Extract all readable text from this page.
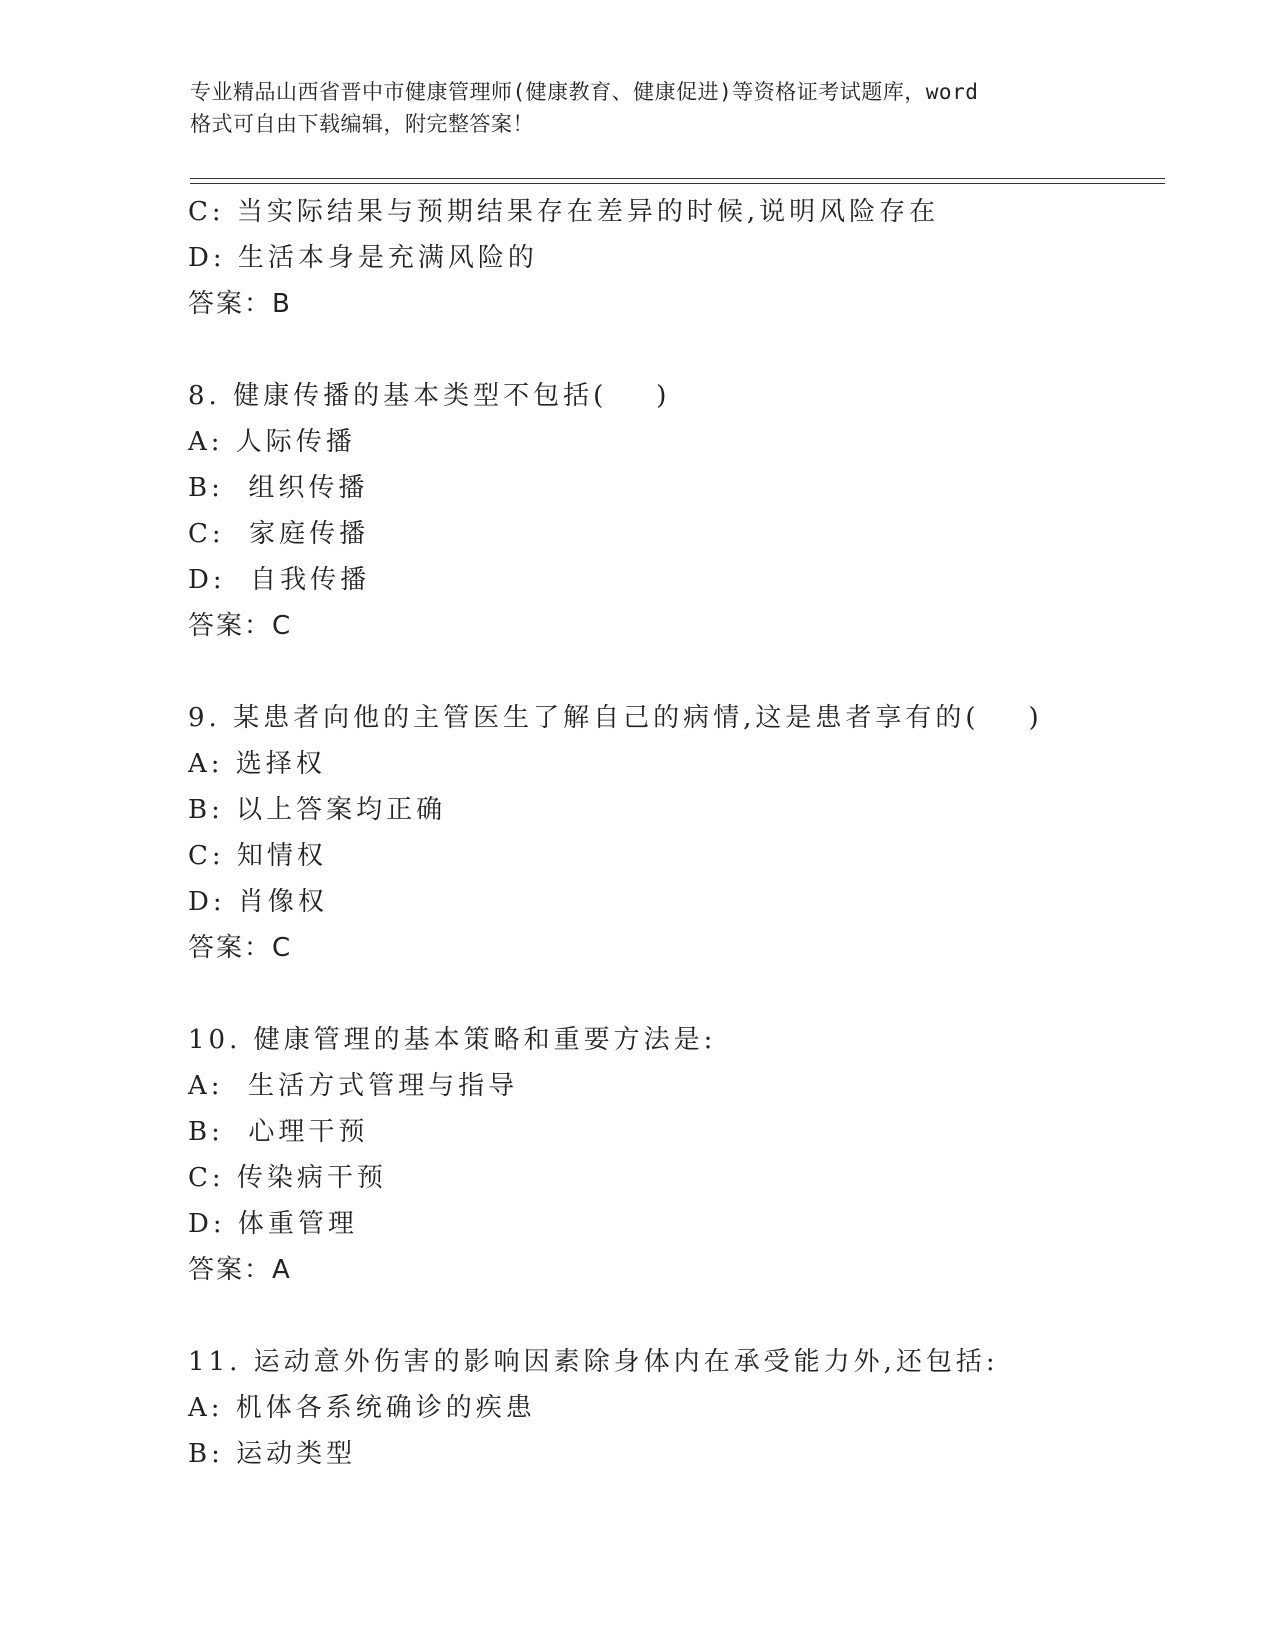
专业精品山西省晋中市健康管理师(健康教育、健康促进)等资格证考试题库，word
格式可自由下载编辑，附完整答案！
C: 当实际结果与预期结果存在差异的时候,说明风险存在
D: 生活本身是充满风险的
答案：B
8. 健康传播的基本类型不包括(    )
A: 人际传播
B:  组织传播
C:  家庭传播
D:  自我传播
答案：C
9. 某患者向他的主管医生了解自己的病情,这是患者享有的(    )
A: 选择权
B: 以上答案均正确
C: 知情权
D: 肖像权
答案：C
10. 健康管理的基本策略和重要方法是:
A:  生活方式管理与指导
B:  心理干预
C: 传染病干预
D: 体重管理
答案：A
11. 运动意外伤害的影响因素除身体内在承受能力外,还包括:
A: 机体各系统确诊的疾患
B: 运动类型
